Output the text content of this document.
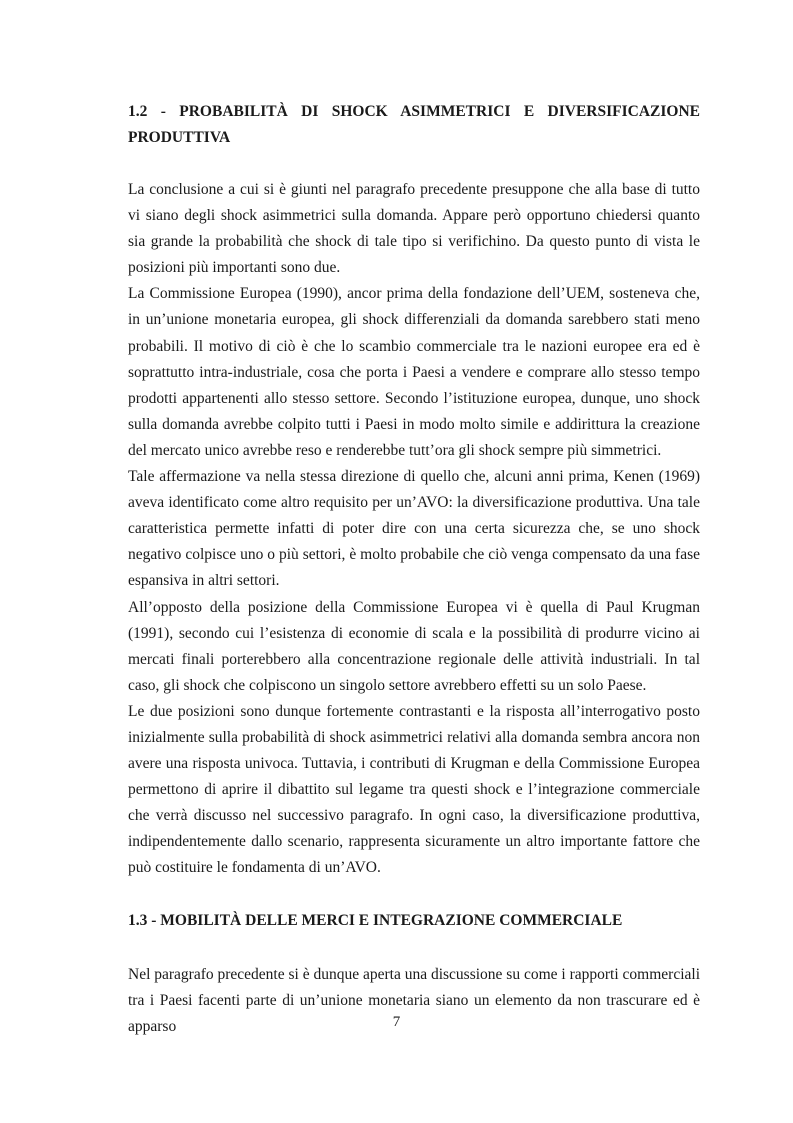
1.2 - PROBABILITÀ DI SHOCK ASIMMETRICI E DIVERSIFICAZIONE PRODUTTIVA

La conclusione a cui si è giunti nel paragrafo precedente presuppone che alla base di tutto vi siano degli shock asimmetrici sulla domanda. Appare però opportuno chiedersi quanto sia grande la probabilità che shock di tale tipo si verifichino. Da questo punto di vista le posizioni più importanti sono due.

La Commissione Europea (1990), ancor prima della fondazione dell’UEM, sosteneva che, in un’unione monetaria europea, gli shock differenziali da domanda sarebbero stati meno probabili. Il motivo di ciò è che lo scambio commerciale tra le nazioni europee era ed è soprattutto intra-industriale, cosa che porta i Paesi a vendere e comprare allo stesso tempo prodotti appartenenti allo stesso settore. Secondo l’istituzione europea, dunque, uno shock sulla domanda avrebbe colpito tutti i Paesi in modo molto simile e addirittura la creazione del mercato unico avrebbe reso e renderebbe tutt’ora gli shock sempre più simmetrici.

Tale affermazione va nella stessa direzione di quello che, alcuni anni prima, Kenen (1969) aveva identificato come altro requisito per un’AVO: la diversificazione produttiva. Una tale caratteristica permette infatti di poter dire con una certa sicurezza che, se uno shock negativo colpisce uno o più settori, è molto probabile che ciò venga compensato da una fase espansiva in altri settori.

All’opposto della posizione della Commissione Europea vi è quella di Paul Krugman (1991), secondo cui l’esistenza di economie di scala e la possibilità di produrre vicino ai mercati finali porterebbero alla concentrazione regionale delle attività industriali. In tal caso, gli shock che colpiscono un singolo settore avrebbero effetti su un solo Paese.

Le due posizioni sono dunque fortemente contrastanti e la risposta all’interrogativo posto inizialmente sulla probabilità di shock asimmetrici relativi alla domanda sembra ancora non avere una risposta univoca. Tuttavia, i contributi di Krugman e della Commissione Europea permettono di aprire il dibattito sul legame tra questi shock e l’integrazione commerciale che verrà discusso nel successivo paragrafo. In ogni caso, la diversificazione produttiva, indipendentemente dallo scenario, rappresenta sicuramente un altro importante fattore che può costituire le fondamenta di un’AVO.

1.3 - MOBILITÀ DELLE MERCI E INTEGRAZIONE COMMERCIALE

Nel paragrafo precedente si è dunque aperta una discussione su come i rapporti commerciali tra i Paesi facenti parte di un’unione monetaria siano un elemento da non trascurare ed è apparso	7
